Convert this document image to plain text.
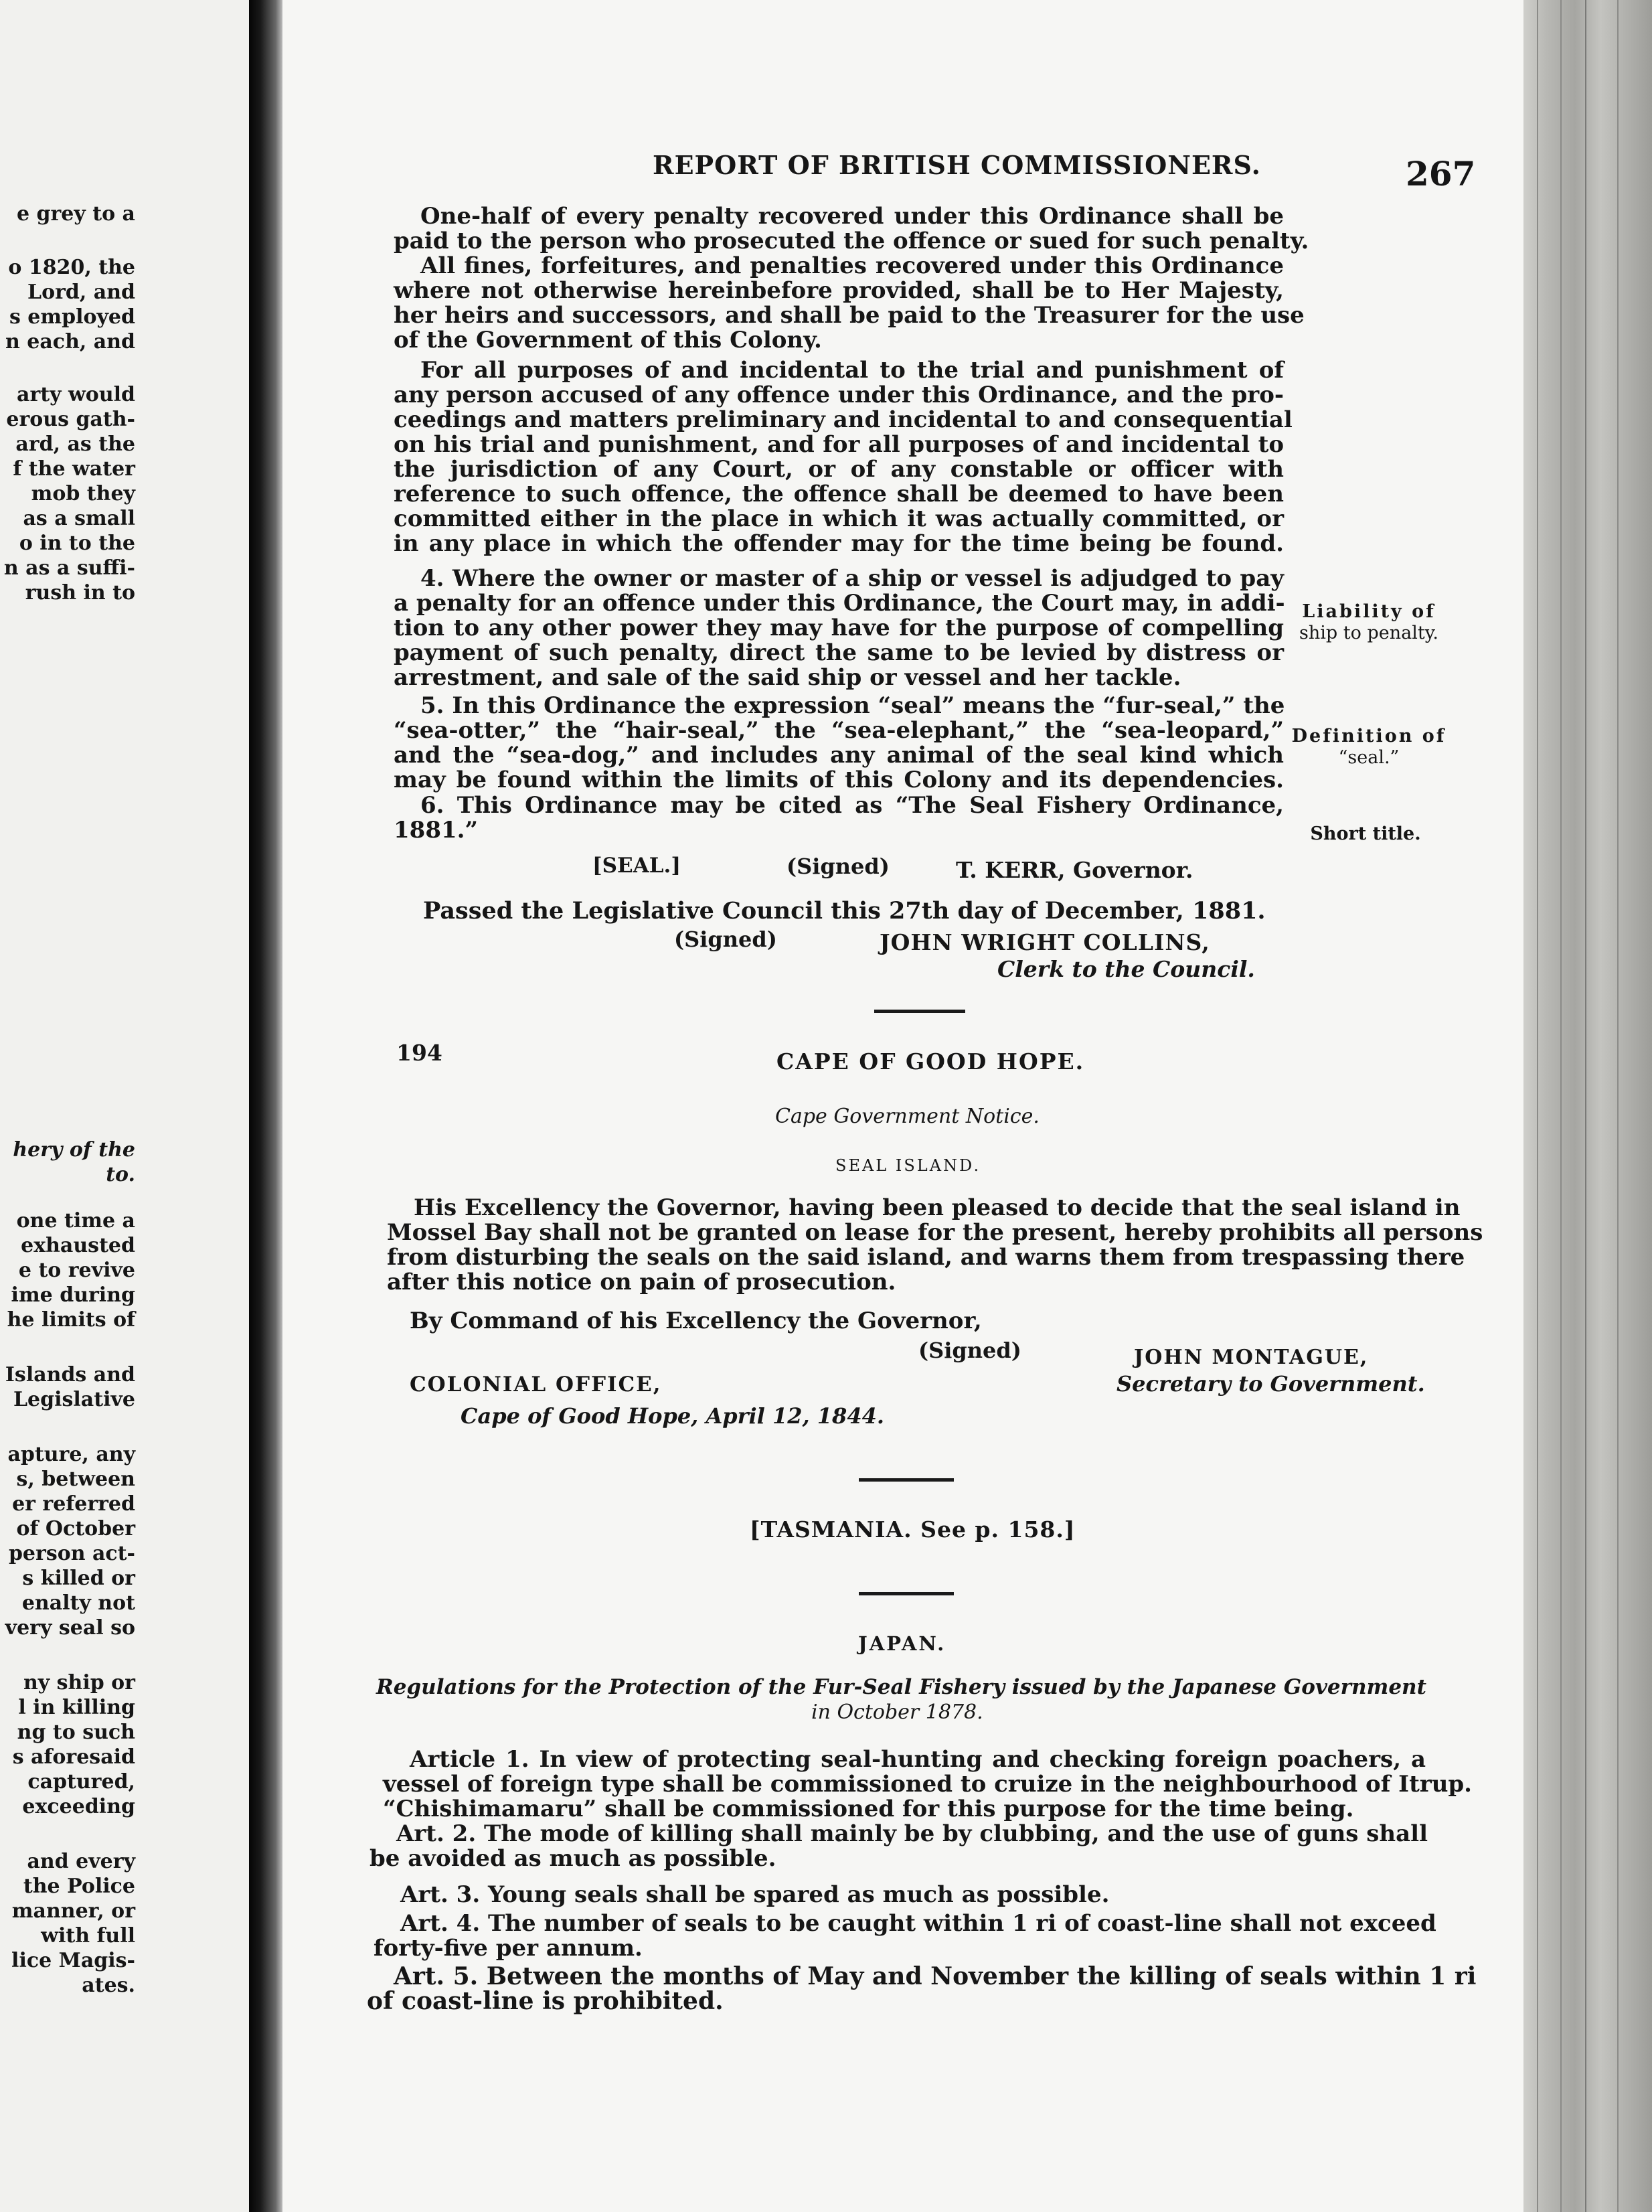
e grey to a
o 1820, the
Lord, and
s employed
n each, and
arty would
erous gath-
ard, as the
f the water
mob they
as a small
o in to the
n as a suffi-
rush in to
hery of the
to.
one time a
exhausted
e to revive
ime during
he limits of
Islands and
Legislative
apture, any
s, between
er referred
of October
person act-
s killed or
enalty not
very seal so
ny ship or
l in killing
ng to such
s aforesaid
captured,
exceeding
and every
the Police
manner, or
with full
lice Magis-
ates.
REPORT OF BRITISH COMMISSIONERS.	267
One-half of every penalty recovered under this Ordinance shall be
paid to the person who prosecuted the offence or sued for such penalty.
All fines, forfeitures, and penalties recovered under this Ordinance
where not otherwise hereinbefore provided, shall be to Her Majesty,
her heirs and successors, and shall be paid to the Treasurer for the use
of the Government of this Colony.
For all purposes of and incidental to the trial and punishment of
any person accused of any offence under this Ordinance, and the pro-
ceedings and matters preliminary and incidental to and consequential
on his trial and punishment, and for all purposes of and incidental to
the jurisdiction of any Court, or of any constable or officer with
reference to such offence, the offence shall be deemed to have been
committed either in the place in which it was actually committed, or
in any place in which the offender may for the time being be found.
4. Where the owner or master of a ship or vessel is adjudged to pay
a penalty for an offence under this Ordinance, the Court may, in addi-
tion to any other power they may have for the purpose of compelling
payment of such penalty, direct the same to be levied by distress or
arrestment, and sale of the said ship or vessel and her tackle.
5. In this Ordinance the expression “seal” means the “fur-seal,” the
“sea-otter,” the “hair-seal,” the “sea-elephant,” the “sea-leopard,”
and the “sea-dog,” and includes any animal of the seal kind which
may be found within the limits of this Colony and its dependencies.
6. This Ordinance may be cited as “The Seal Fishery Ordinance,
1881.”
Liability of
ship to penalty.
Definition of
“seal.”
Short title.
[SEAL.]	(Signed)	T. KERR, Governor.
Passed the Legislative Council this 27th day of December, 1881.
(Signed)	JOHN WRIGHT COLLINS,
Clerk to the Council.
194	CAPE OF GOOD HOPE.
Cape Government Notice.
SEAL ISLAND.
His Excellency the Governor, having been pleased to decide that the seal island in
Mossel Bay shall not be granted on lease for the present, hereby prohibits all persons
from disturbing the seals on the said island, and warns them from trespassing there
after this notice on pain of prosecution.
By Command of his Excellency the Governor,
(Signed)	JOHN MONTAGUE,
Secretary to Government.
COLONIAL OFFICE,
Cape of Good Hope, April 12, 1844.
[TASMANIA. See p. 158.]
JAPAN.
Regulations for the Protection of the Fur-Seal Fishery issued by the Japanese Government
in October 1878.
Article 1. In view of protecting seal-hunting and checking foreign poachers, a
vessel of foreign type shall be commissioned to cruize in the neighbourhood of Itrup.
“Chishimamaru” shall be commissioned for this purpose for the time being.
Art. 2. The mode of killing shall mainly be by clubbing, and the use of guns shall
be avoided as much as possible.
Art. 3. Young seals shall be spared as much as possible.
Art. 4. The number of seals to be caught within 1 ri of coast-line shall not exceed
forty-five per annum.
Art. 5. Between the months of May and November the killing of seals within 1 ri
of coast-line is prohibited.
